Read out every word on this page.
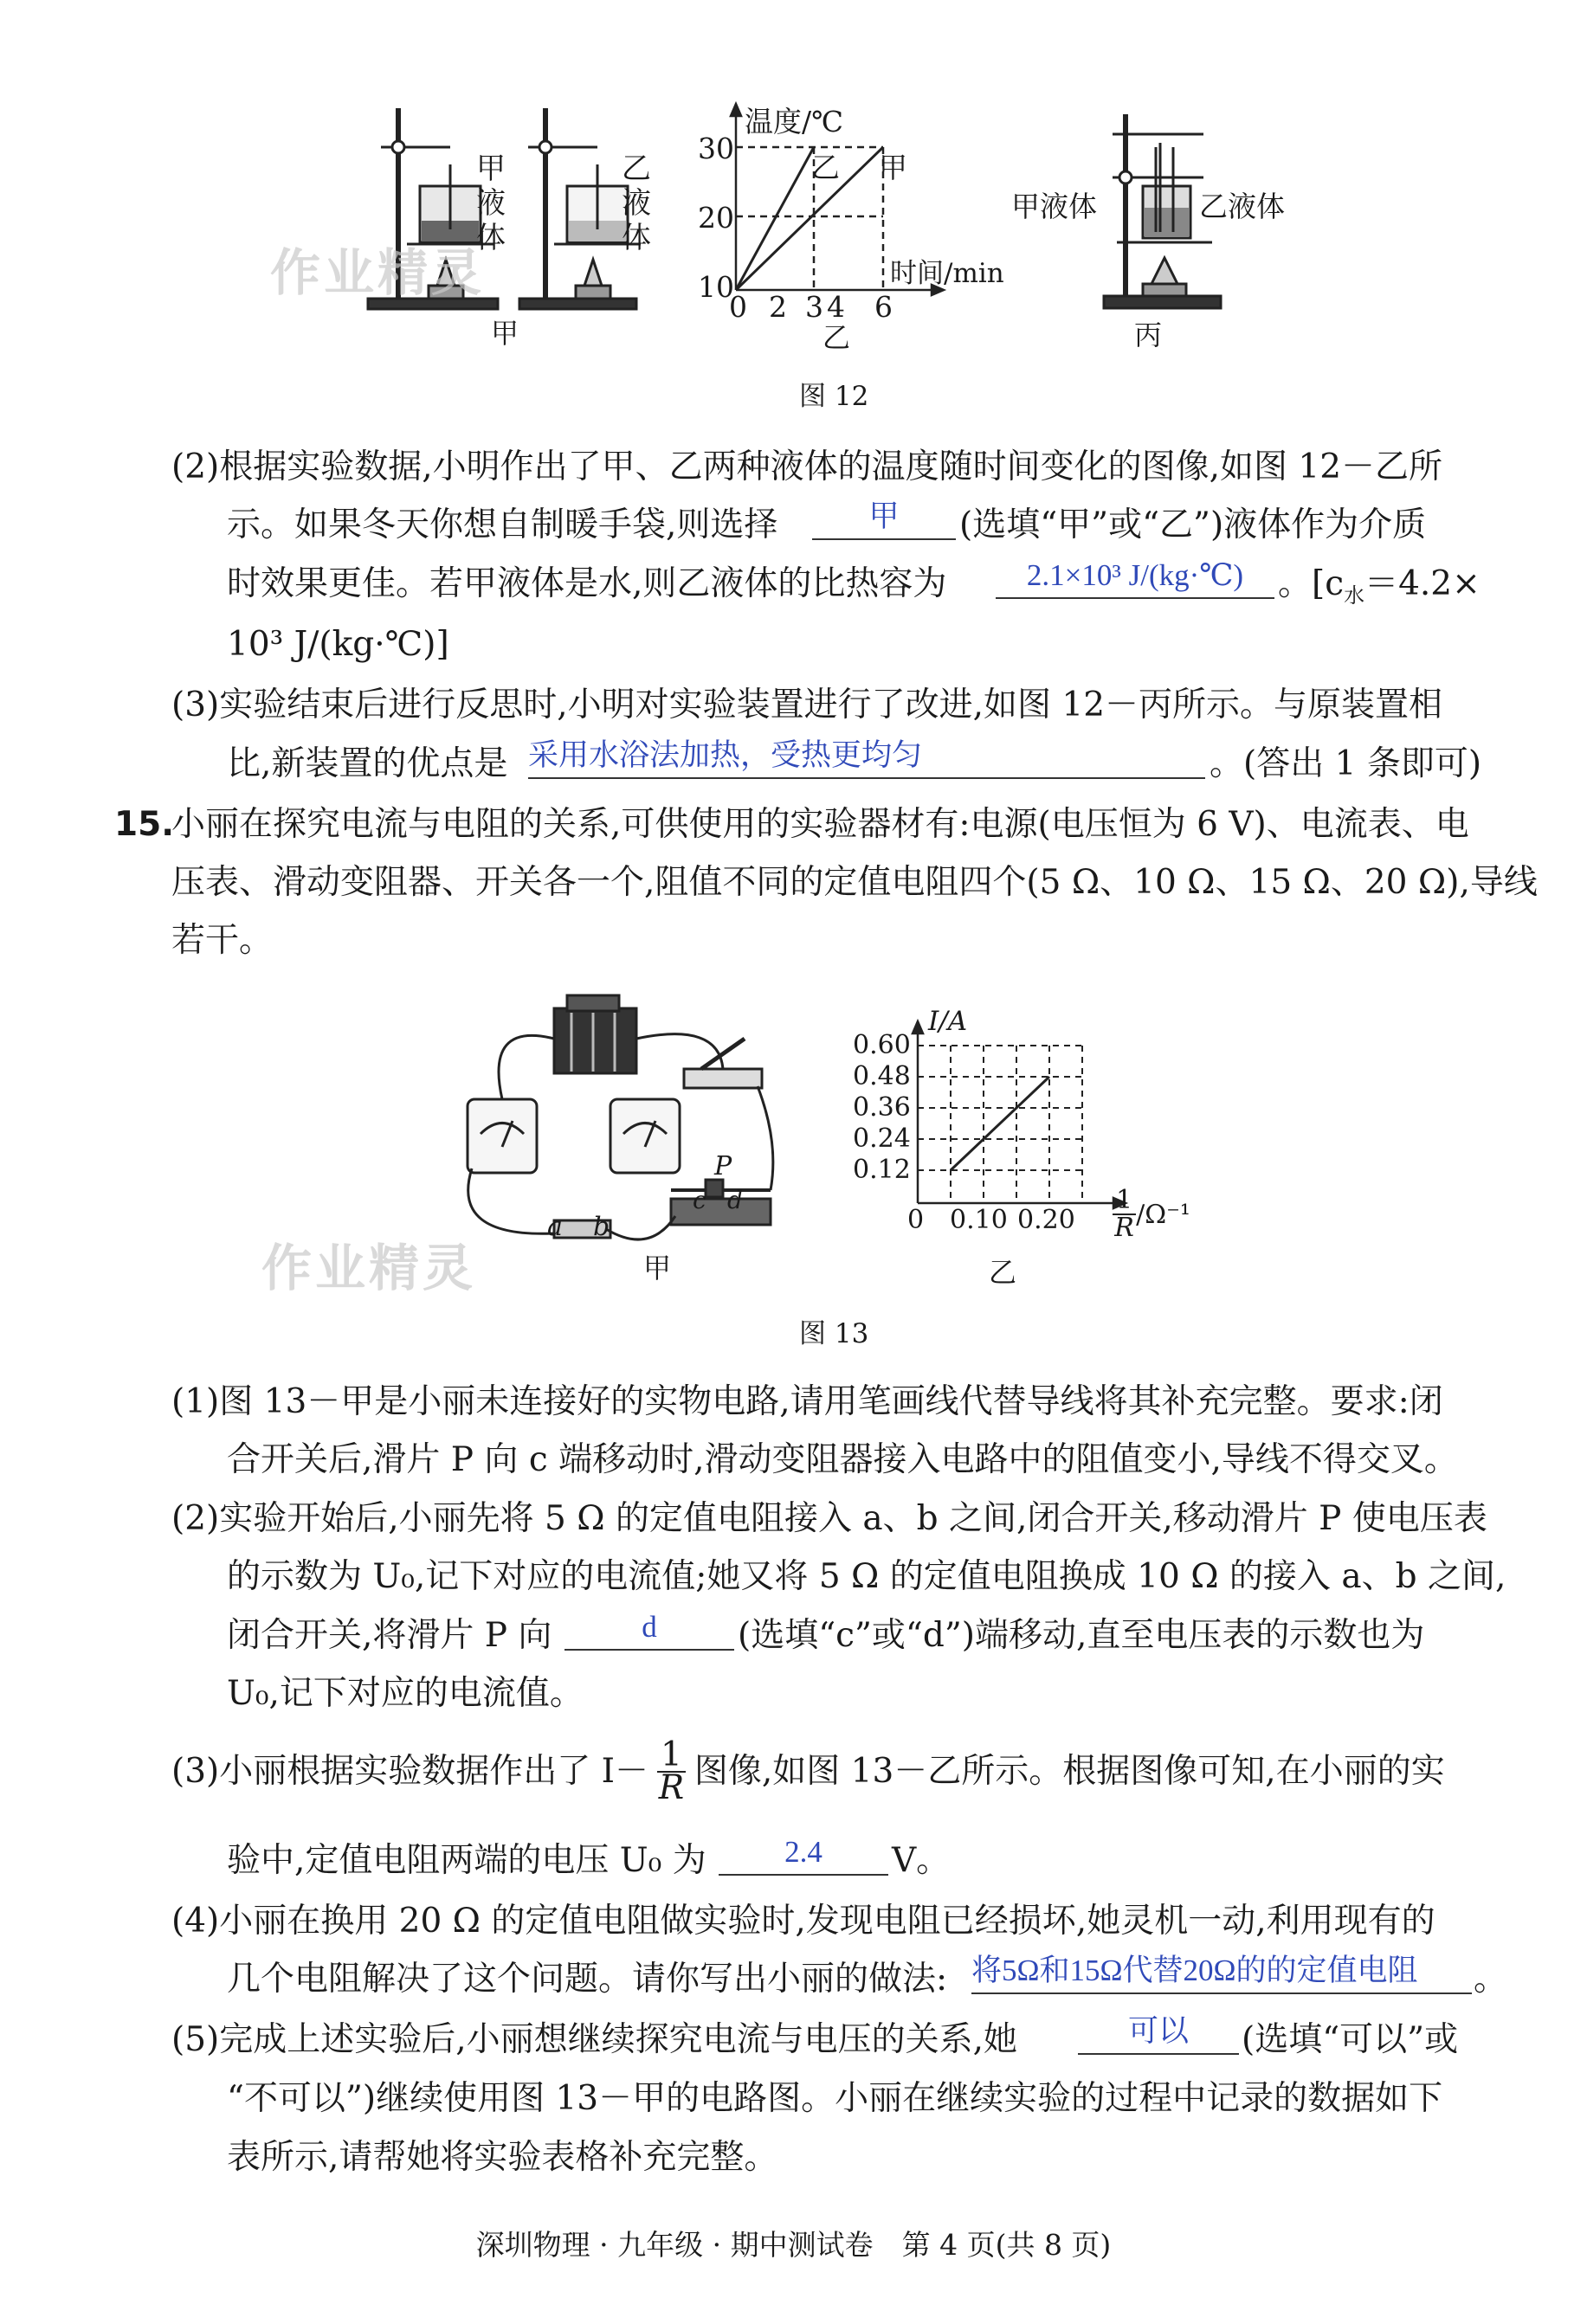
作业精灵
甲液体
乙液体
甲
温度/℃
30
20
10
0 2 3 4 6
时间/min
乙 甲
乙
甲液体	乙液体
丙
图 12
(2)根据实验数据,小明作出了甲、乙两种液体的温度随时间变化的图像,如图 12－乙所
示。如果冬天你想自制暖手袋,则选择	甲	(选填“甲”或“乙”)液体作为介质
时效果更佳。若甲液体是水,则乙液体的比热容为	2.1×10³ J/(kg·℃)	。[$c_水=4.2\times$
10³ J/(kg·℃)]
(3)实验结束后进行反思时,小明对实验装置进行了改进,如图 12－丙所示。与原装置相
比,新装置的优点是 采用水浴法加热，受热更均匀	。(答出 1 条即可)
15.
小丽在探究电流与电阻的关系,可供使用的实验器材有:电源(电压恒为 6 V)、电流表、电
压表、滑动变阻器、开关各一个,阻值不同的定值电阻四个(5 Ω、10 Ω、15 Ω、20 Ω),导线
若干。
作业精灵
a b
c d
P
甲
I/A
0.60
0.48
0.36
0.24
0.12
0 0.10 $0.20 \frac{1}{R} /\Omega^{-1}$
乙
图 13
(1)图 13－甲是小丽未连接好的实物电路,请用笔画线代替导线将其补充完整。要求:闭
合开关后,滑片 P 向 c 端移动时,滑动变阻器接入电路中的阻值变小,导线不得交叉。
(2)实验开始后,小丽先将 5 Ω 的定值电阻接入 a、b 之间,闭合开关,移动滑片 P 使电压表
的示数为 U₀,记下对应的电流值;她又将 5 Ω 的定值电阻换成 10 Ω 的接入 a、b 之间,
闭合开关,将滑片 P 向	d	(选填“c”或“d”)端移动,直至电压表的示数也为
U₀,记下对应的电流值。
(3)小丽根据实验数据作出了 $I- \frac{1}{R}$ 图像,如图 13－乙所示。根据图像可知,在小丽的实
验中,定值电阻两端的电压 U₀ 为	2.4	V。
(4)小丽在换用 20 Ω 的定值电阻做实验时,发现电阻已经损坏,她灵机一动,利用现有的
几个电阻解决了这个问题。请你写出小丽的做法: 将5Ω和15Ω代替20Ω的的定值电阻	。
(5)完成上述实验后,小丽想继续探究电流与电压的关系,她	可以	(选填“可以”或
“不可以”)继续使用图 13－甲的电路图。小丽在继续实验的过程中记录的数据如下
表所示,请帮她将实验表格补充完整。
深圳物理 · 九年级 · 期中测试卷　第 4 页(共 8 页)
